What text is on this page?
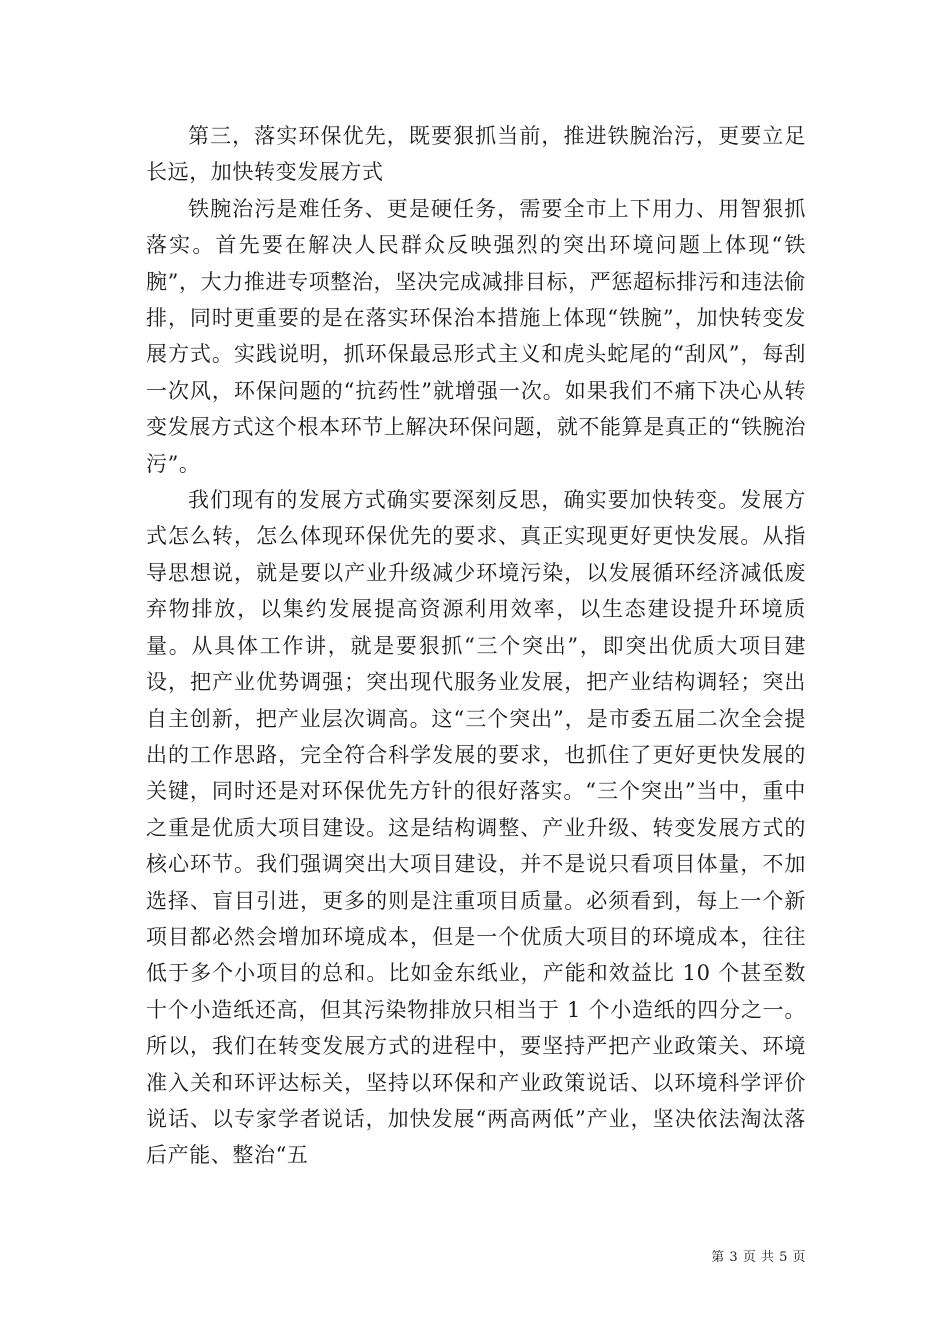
第三，落实环保优先，既要狠抓当前，推进铁腕治污，更要立足长远，加快转变发展方式

铁腕治污是难任务、更是硬任务，需要全市上下用力、用智狠抓落实。首先要在解决人民群众反映强烈的突出环境问题上体现“铁腕”，大力推进专项整治，坚决完成减排目标，严惩超标排污和违法偷排，同时更重要的是在落实环保治本措施上体现“铁腕”，加快转变发展方式。实践说明，抓环保最忌形式主义和虎头蛇尾的“刮风”，每刮一次风，环保问题的“抗药性”就增强一次。如果我们不痛下决心从转变发展方式这个根本环节上解决环保问题，就不能算是真正的“铁腕治污”。

我们现有的发展方式确实要深刻反思，确实要加快转变。发展方式怎么转，怎么体现环保优先的要求、真正实现更好更快发展。从指导思想说，就是要以产业升级减少环境污染，以发展循环经济减低废弃物排放，以集约发展提高资源利用效率，以生态建设提升环境质量。从具体工作讲，就是要狠抓“三个突出”，即突出优质大项目建设，把产业优势调强；突出现代服务业发展，把产业结构调轻；突出自主创新，把产业层次调高。这“三个突出”，是市委五届二次全会提出的工作思路，完全符合科学发展的要求，也抓住了更好更快发展的关键，同时还是对环保优先方针的很好落实。“三个突出”当中，重中之重是优质大项目建设。这是结构调整、产业升级、转变发展方式的核心环节。我们强调突出大项目建设，并不是说只看项目体量，不加选择、盲目引进，更多的则是注重项目质量。必须看到，每上一个新项目都必然会增加环境成本，但是一个优质大项目的环境成本，往往低于多个小项目的总和。比如金东纸业，产能和效益比 10 个甚至数十个小造纸还高，但其污染物排放只相当于 1 个小造纸的四分之一。所以，我们在转变发展方式的进程中，要坚持严把产业政策关、环境准入关和环评达标关，坚持以环保和产业政策说话、以环境科学评价说话、以专家学者说话，加快发展“两高两低”产业，坚决依法淘汰落后产能、整治“五

第 3 页 共 5 页
